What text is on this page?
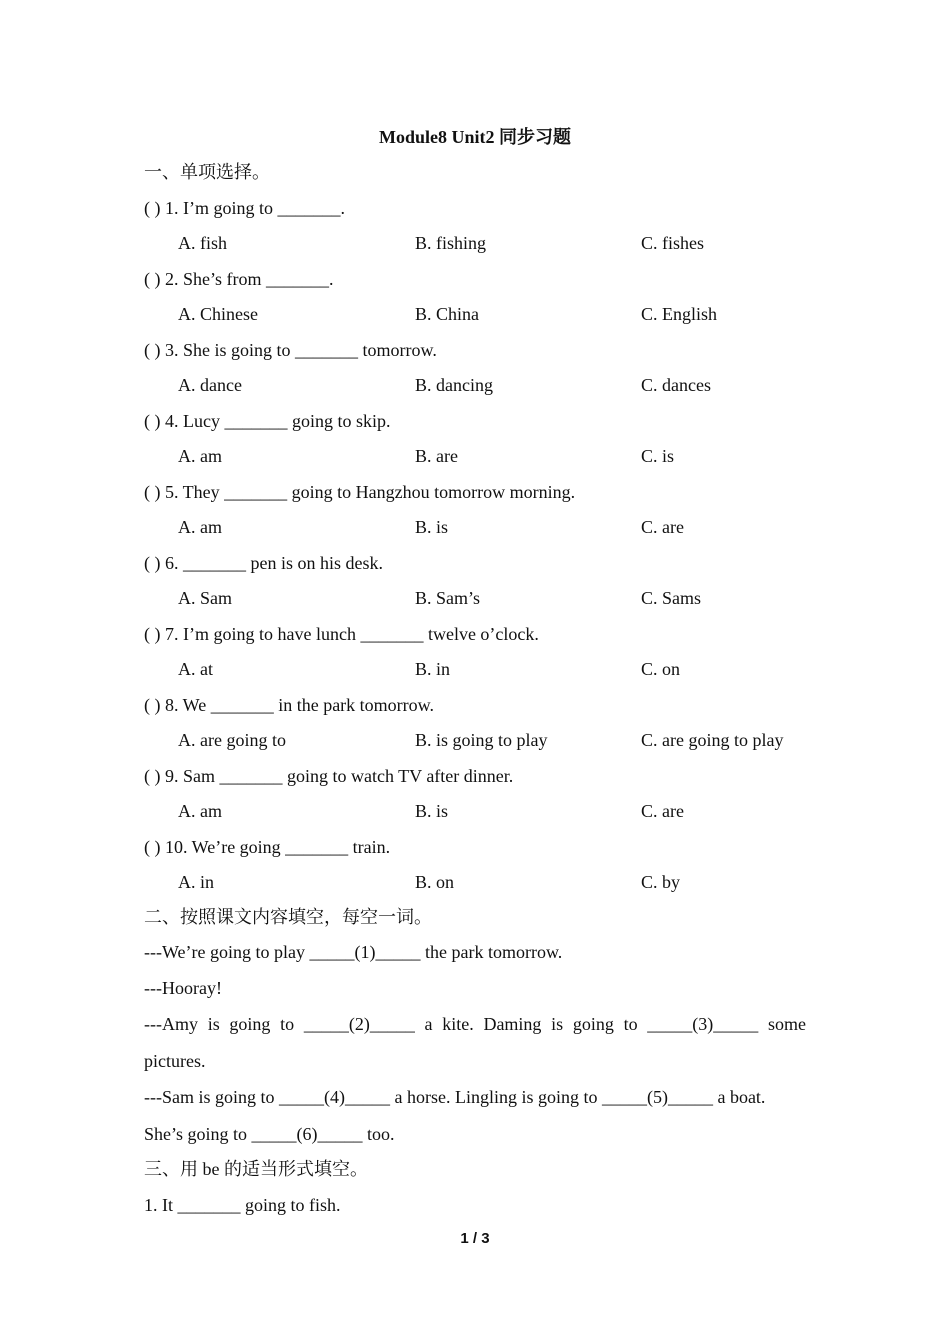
Module8 Unit2 同步习题
一、单项选择。
( ) 1. I’m going to _______.
A. fish	B. fishing	C. fishes
( ) 2. She’s from _______.
A. Chinese	B. China	C. English
( ) 3. She is going to _______ tomorrow.
A. dance	B. dancing	C. dances
( ) 4. Lucy _______ going to skip.
A. am	B. are	C. is
( ) 5. They _______ going to Hangzhou tomorrow morning.
A. am	B. is	C. are
( ) 6. _______ pen is on his desk.
A. Sam	B. Sam’s	C. Sams
( ) 7. I’m going to have lunch _______ twelve o’clock.
A. at	B. in	C. on
( ) 8. We _______ in the park tomorrow.
A. are going to	B. is going to play	C. are going to play
( ) 9. Sam _______ going to watch TV after dinner.
A. am	B. is	C. are
( ) 10. We’re going _______ train.
A. in	B. on	C. by
二、按照课文内容填空，每空一词。
---We’re going to play _____(1)_____ the park tomorrow.
---Hooray!
---Amy is going to _____(2)_____ a kite. Daming is going to _____(3)_____ some
pictures.
---Sam is going to _____(4)_____ a horse. Lingling is going to _____(5)_____ a boat.
She’s going to _____(6)_____ too.
三、用 be 的适当形式填空。
1. It _______ going to fish.
1 / 3
